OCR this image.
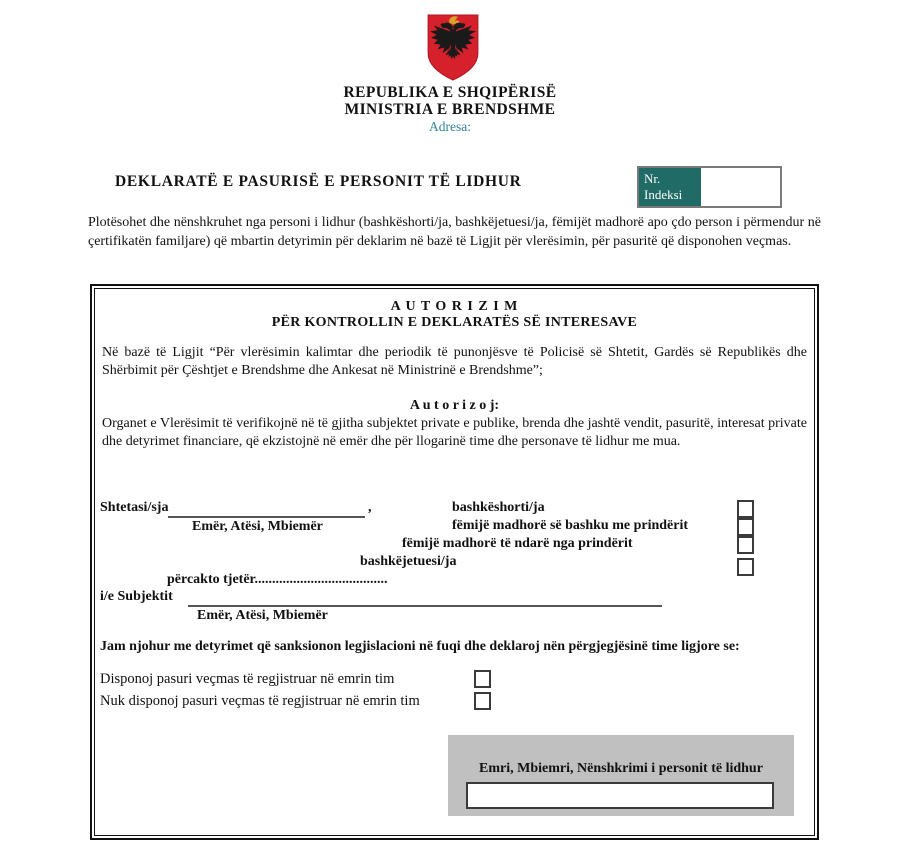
REPUBLIKA E SHQIPËRISË
MINISTRIA E BRENDSHME
Adresa:
DEKLARATË E PASURISË E PERSONIT TË LIDHUR	Nr.
Indeksi
Plotësohet dhe nënshkruhet nga personi i lidhur (bashkëshorti/ja, bashkëjetuesi/ja, fëmijët madhorë apo çdo person i përmendur në çertifikatën familjare) që mbartin detyrimin për deklarim në bazë të Ligjit për vlerësimin, për pasuritë që disponohen veçmas.
A U T O R I Z I M
PËR KONTROLLIN E DEKLARATËS SË INTERESAVE
Në bazë të Ligjit “Për vlerësimin kalimtar dhe periodik të punonjësve të Policisë së Shtetit, Gardës së Republikës dhe Shërbimit për Çështjet e Brendshme dhe Ankesat në Ministrinë e Brendshme”;
A u t o r i z o j:
Organet e Vlerësimit të verifikojnë në të gjitha subjektet private e publike, brenda dhe jashtë vendit, pasuritë, interesat private dhe detyrimet financiare, që ekzistojnë në emër dhe për llogarinë time dhe personave të lidhur me mua.
Shtetasi/sja	,
Emër, Atësi, Mbiemër
bashkëshorti/ja
fëmijë madhorë së bashku me prindërit
fëmijë madhorë të ndarë nga prindërit
bashkëjetuesi/ja
përcakto tjetër......................................
i/e Subjektit
Emër, Atësi, Mbiemër
Jam njohur me detyrimet që sanksionon legjislacioni në fuqi dhe deklaroj nën përgjegjësinë time ligjore se:
Disponoj pasuri veçmas të regjistruar në emrin tim
Nuk disponoj pasuri veçmas të regjistruar në emrin tim
Emri, Mbiemri, Nënshkrimi i personit të lidhur
